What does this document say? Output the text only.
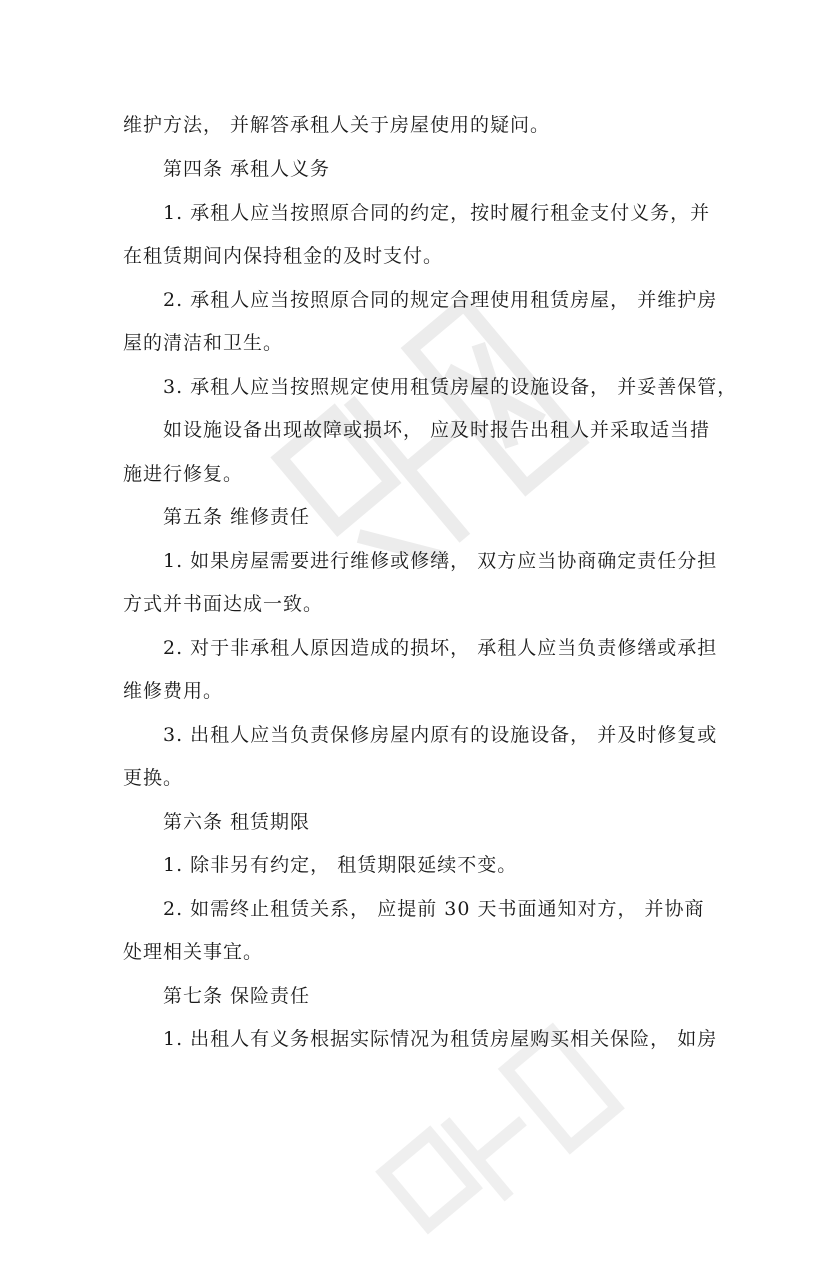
维护方法， 并解答承租人关于房屋使用的疑问。
第四条 承租人义务
1. 承租人应当按照原合同的约定，按时履行租金支付义务，并
在租赁期间内保持租金的及时支付。
2. 承租人应当按照原合同的规定合理使用租赁房屋， 并维护房
屋的清洁和卫生。
3. 承租人应当按照规定使用租赁房屋的设施设备， 并妥善保管，
如设施设备出现故障或损坏， 应及时报告出租人并采取适当措
施进行修复。
第五条 维修责任
1. 如果房屋需要进行维修或修缮， 双方应当协商确定责任分担
方式并书面达成一致。
2. 对于非承租人原因造成的损坏， 承租人应当负责修缮或承担
维修费用。
3. 出租人应当负责保修房屋内原有的设施设备， 并及时修复或
更换。
第六条 租赁期限
1. 除非另有约定， 租赁期限延续不变。
2. 如需终止租赁关系， 应提前 30 天书面通知对方， 并协商
处理相关事宜。
第七条 保险责任
1. 出租人有义务根据实际情况为租赁房屋购买相关保险， 如房
